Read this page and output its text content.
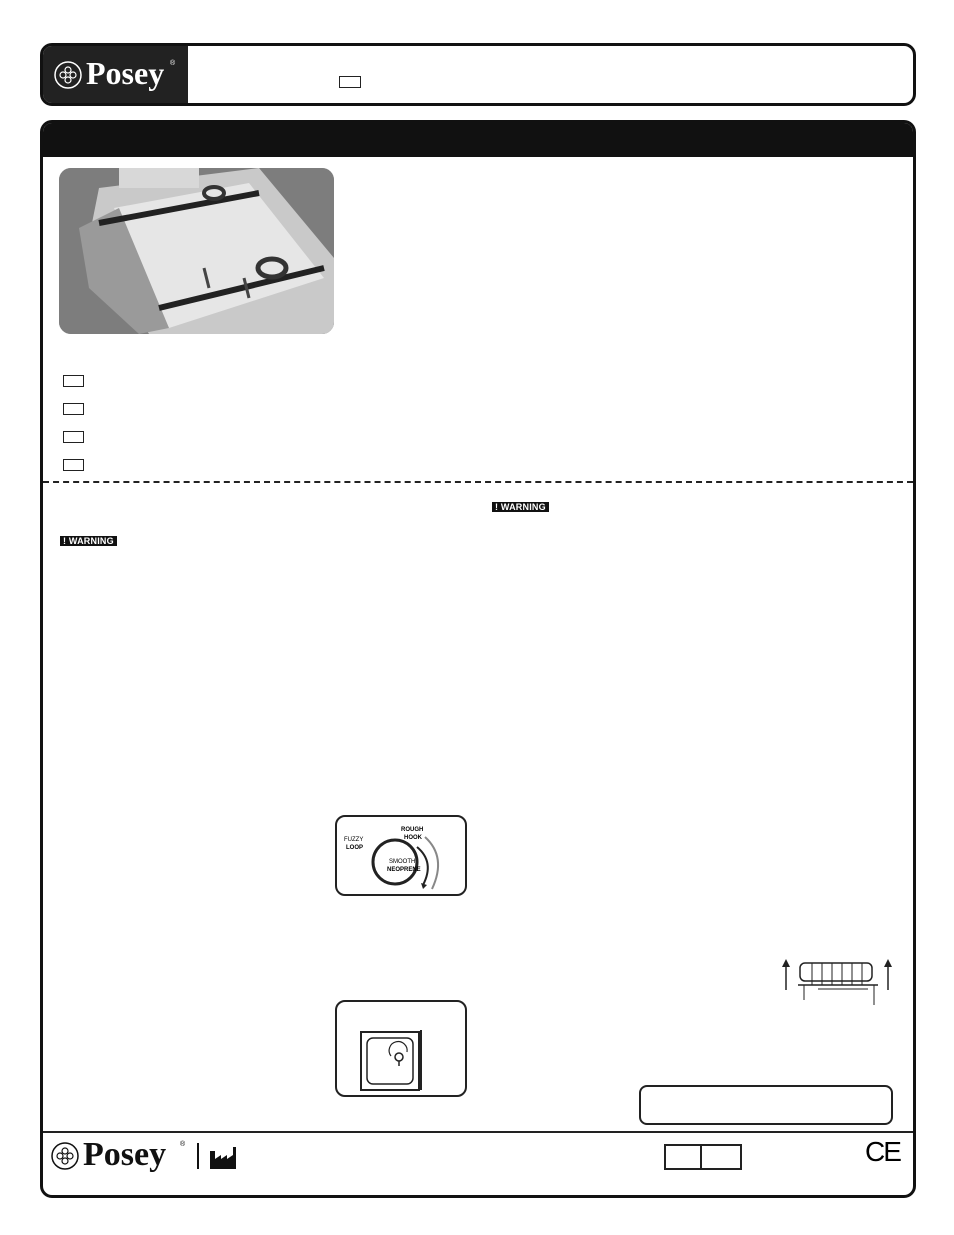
Posey ®
! WARNING
! WARNING
FUZZY
LOOP
ROUGH
HOOK
SMOOTH
NEOPRENE
Posey ®	CE
